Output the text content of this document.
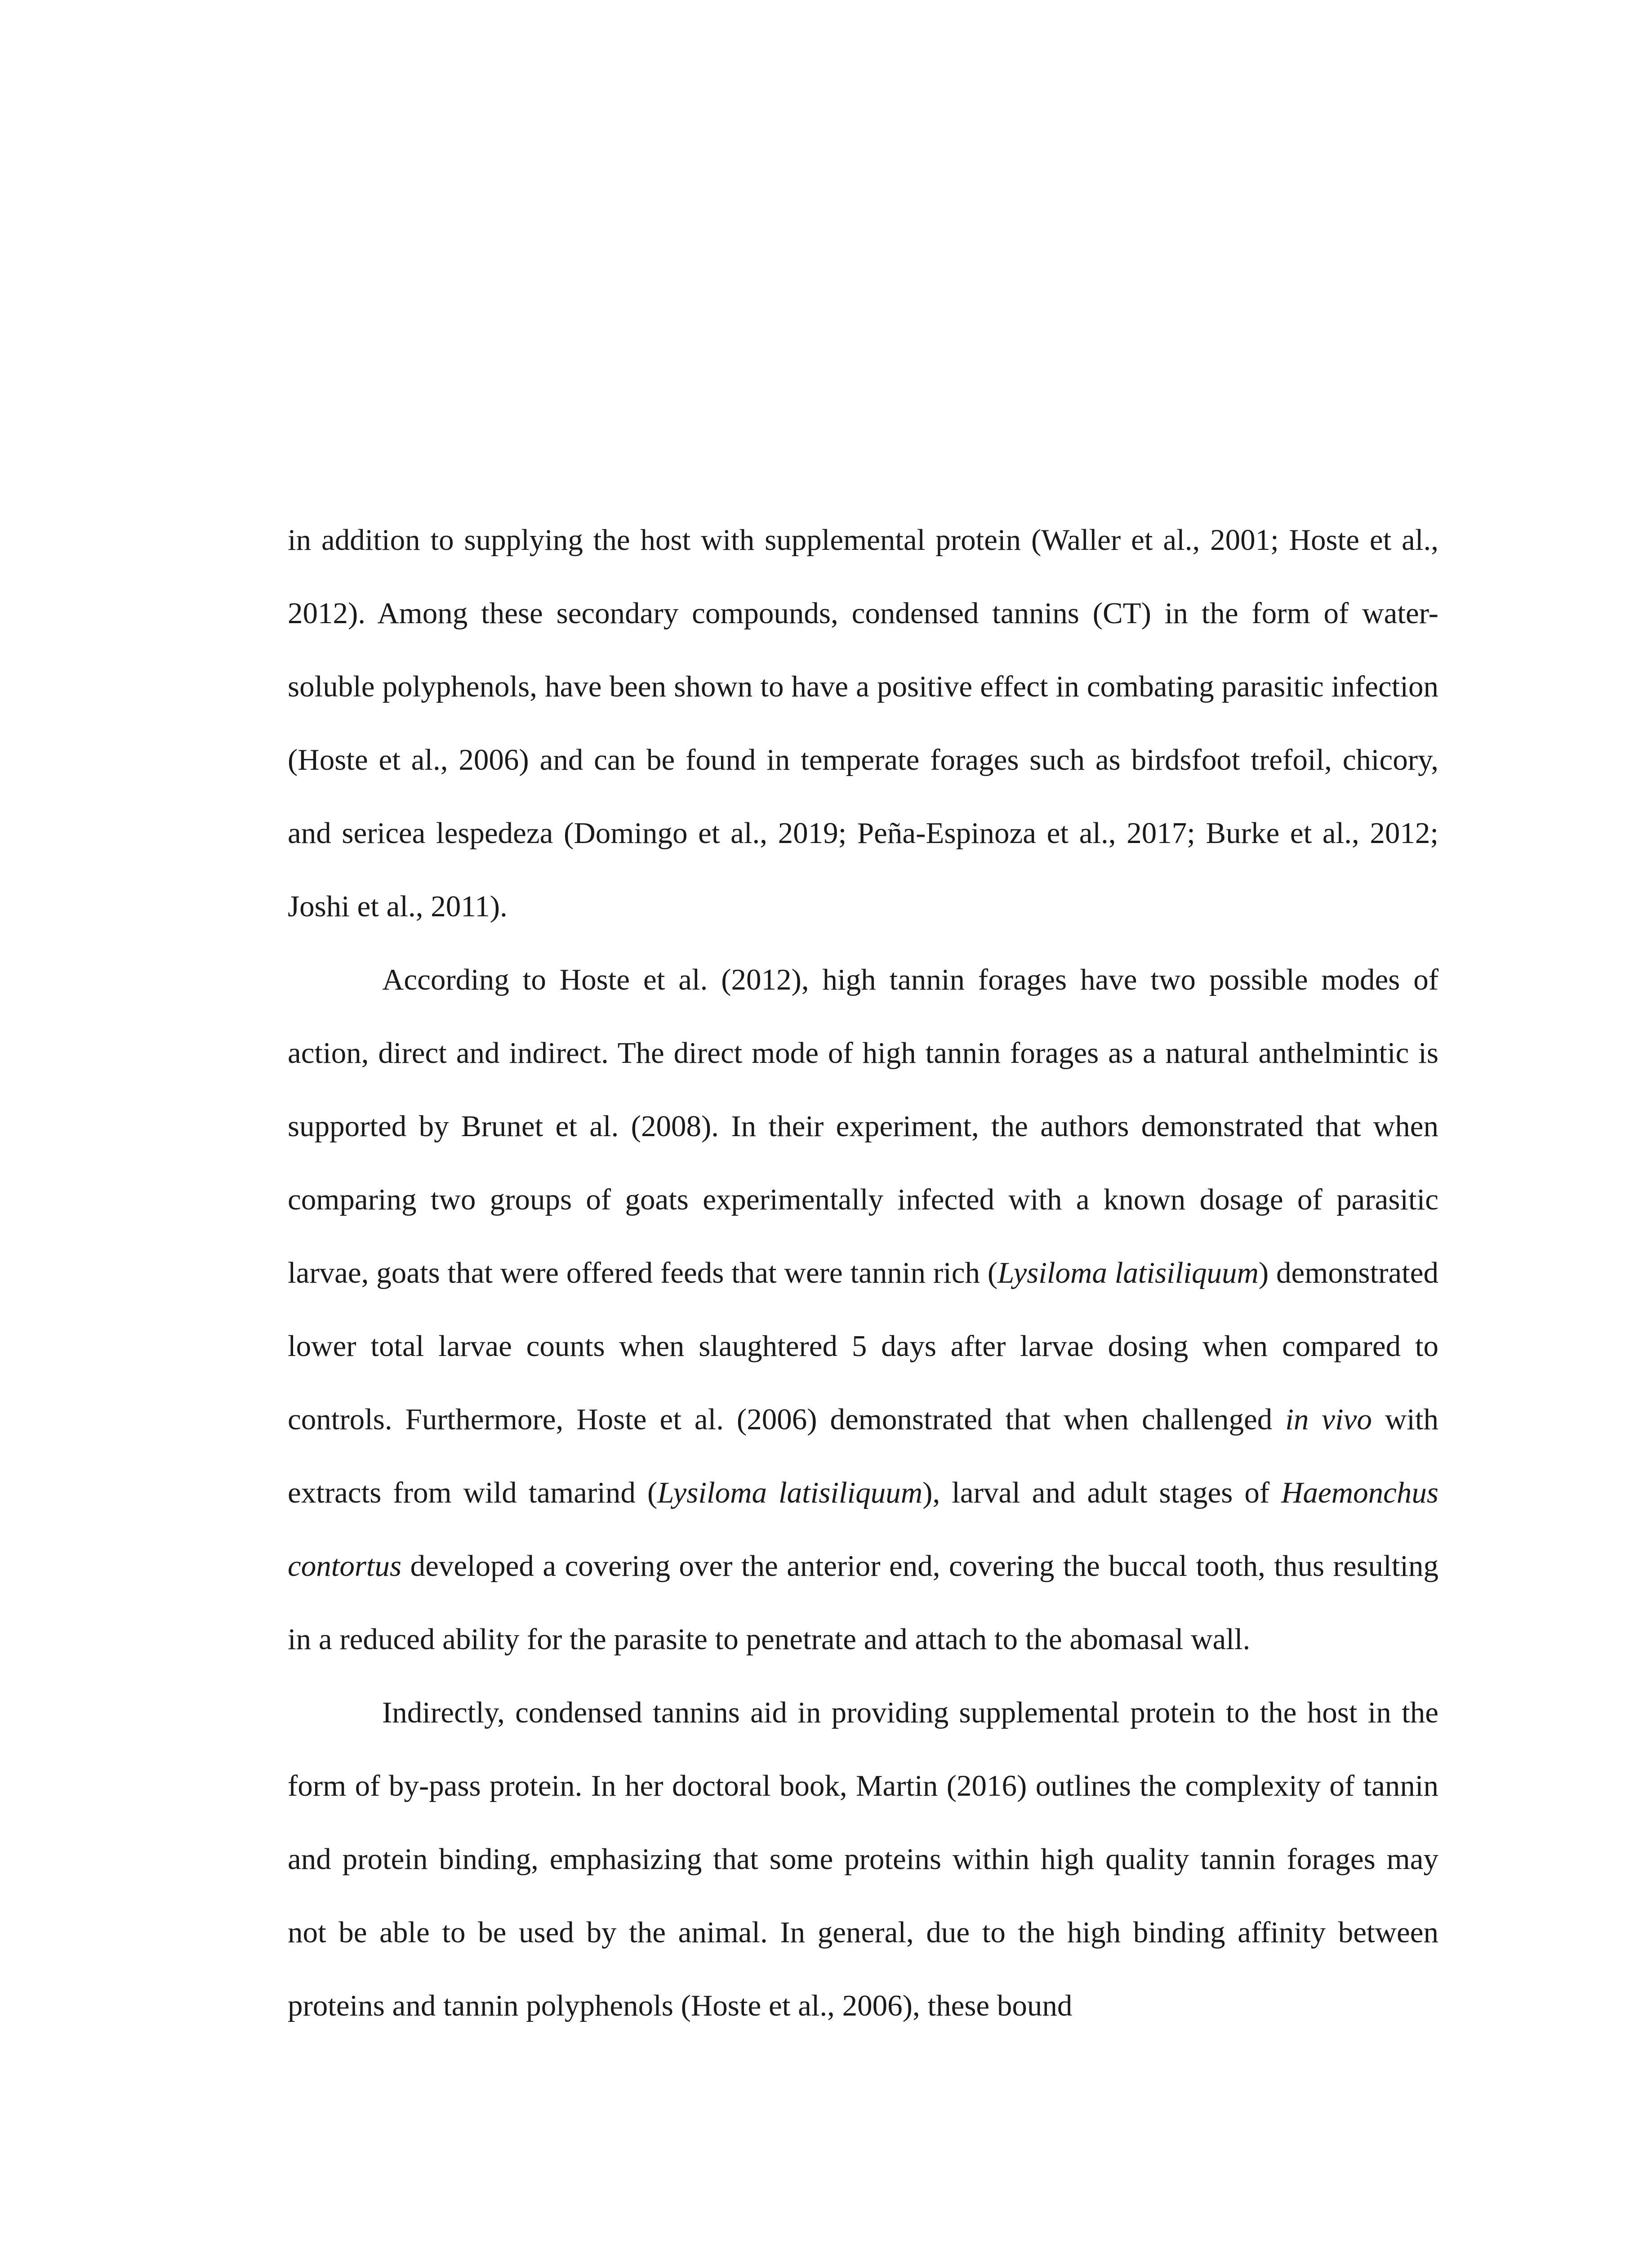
in addition to supplying the host with supplemental protein (Waller et al., 2001; Hoste et al., 2012). Among these secondary compounds, condensed tannins (CT) in the form of water-soluble polyphenols, have been shown to have a positive effect in combating parasitic infection (Hoste et al., 2006) and can be found in temperate forages such as birdsfoot trefoil, chicory, and sericea lespedeza (Domingo et al., 2019; Peña-Espinoza et al., 2017; Burke et al., 2012; Joshi et al., 2011).

According to Hoste et al. (2012), high tannin forages have two possible modes of action, direct and indirect. The direct mode of high tannin forages as a natural anthelmintic is supported by Brunet et al. (2008). In their experiment, the authors demonstrated that when comparing two groups of goats experimentally infected with a known dosage of parasitic larvae, goats that were offered feeds that were tannin rich (Lysiloma latisiliquum) demonstrated lower total larvae counts when slaughtered 5 days after larvae dosing when compared to controls. Furthermore, Hoste et al. (2006) demonstrated that when challenged in vivo with extracts from wild tamarind (Lysiloma latisiliquum), larval and adult stages of Haemonchus contortus developed a covering over the anterior end, covering the buccal tooth, thus resulting in a reduced ability for the parasite to penetrate and attach to the abomasal wall.

Indirectly, condensed tannins aid in providing supplemental protein to the host in the form of by-pass protein. In her doctoral book, Martin (2016) outlines the complexity of tannin and protein binding, emphasizing that some proteins within high quality tannin forages may not be able to be used by the animal. In general, due to the high binding affinity between proteins and tannin polyphenols (Hoste et al., 2006), these bound
